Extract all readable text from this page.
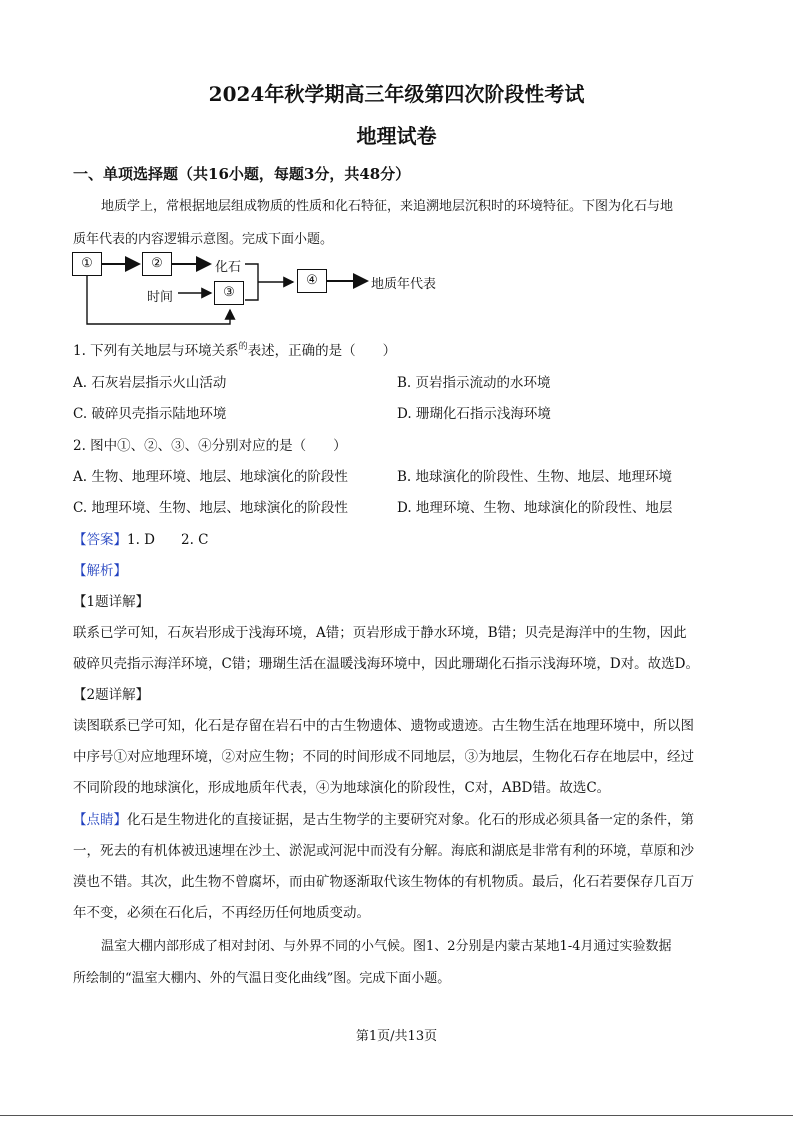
2024年秋学期高三年级第四次阶段性考试
地理试卷
一、单项选择题（共16小题，每题3分，共48分）
地质学上，常根据地层组成物质的性质和化石特征，来追溯地层沉积时的环境特征。下图为化石与地
质年代表的内容逻辑示意图。完成下面小题。
①	②
③
④
化石
时间
地质年代表
1. 下列有关地层与环境关系$^的$表述，正确的是（　　）
A. 石灰岩层指示火山活动	B. 页岩指示流动的水环境
C. 破碎贝壳指示陆地环境	D. 珊瑚化石指示浅海环境
2. 图中①、②、③、④分别对应的是（　　）
A. 生物、地理环境、地层、地球演化的阶段性	B. 地球演化的阶段性、生物、地层、地理环境
C. 地理环境、生物、地层、地球演化的阶段性	D. 地理环境、生物、地球演化的阶段性、地层
【答案】1. D 2. C
【解析】
【1题详解】
联系已学可知，石灰岩形成于浅海环境，A错；页岩形成于静水环境，B错；贝壳是海洋中的生物，因此
破碎贝壳指示海洋环境，C错；珊瑚生活在温暖浅海环境中，因此珊瑚化石指示浅海环境，D对。故选D。
【2题详解】
读图联系已学可知，化石是存留在岩石中的古生物遗体、遗物或遗迹。古生物生活在地理环境中，所以图
中序号①对应地理环境，②对应生物；不同的时间形成不同地层，③为地层，生物化石存在地层中，经过
不同阶段的地球演化，形成地质年代表，④为地球演化的阶段性，C对，ABD错。故选C。
【点睛】化石是生物进化的直接证据，是古生物学的主要研究对象。化石的形成必须具备一定的条件，第
一，死去的有机体被迅速埋在沙土、淤泥或河泥中而没有分解。海底和湖底是非常有利的环境，草原和沙
漠也不错。其次，此生物不曾腐坏，而由矿物逐渐取代该生物体的有机物质。最后，化石若要保存几百万
年不变，必须在石化后，不再经历任何地质变动。
温室大棚内部形成了相对封闭、与外界不同的小气候。图1、2分别是内蒙古某地1-4月通过实验数据
所绘制的“温室大棚内、外的气温日变化曲线”图。完成下面小题。
第1页/共13页
